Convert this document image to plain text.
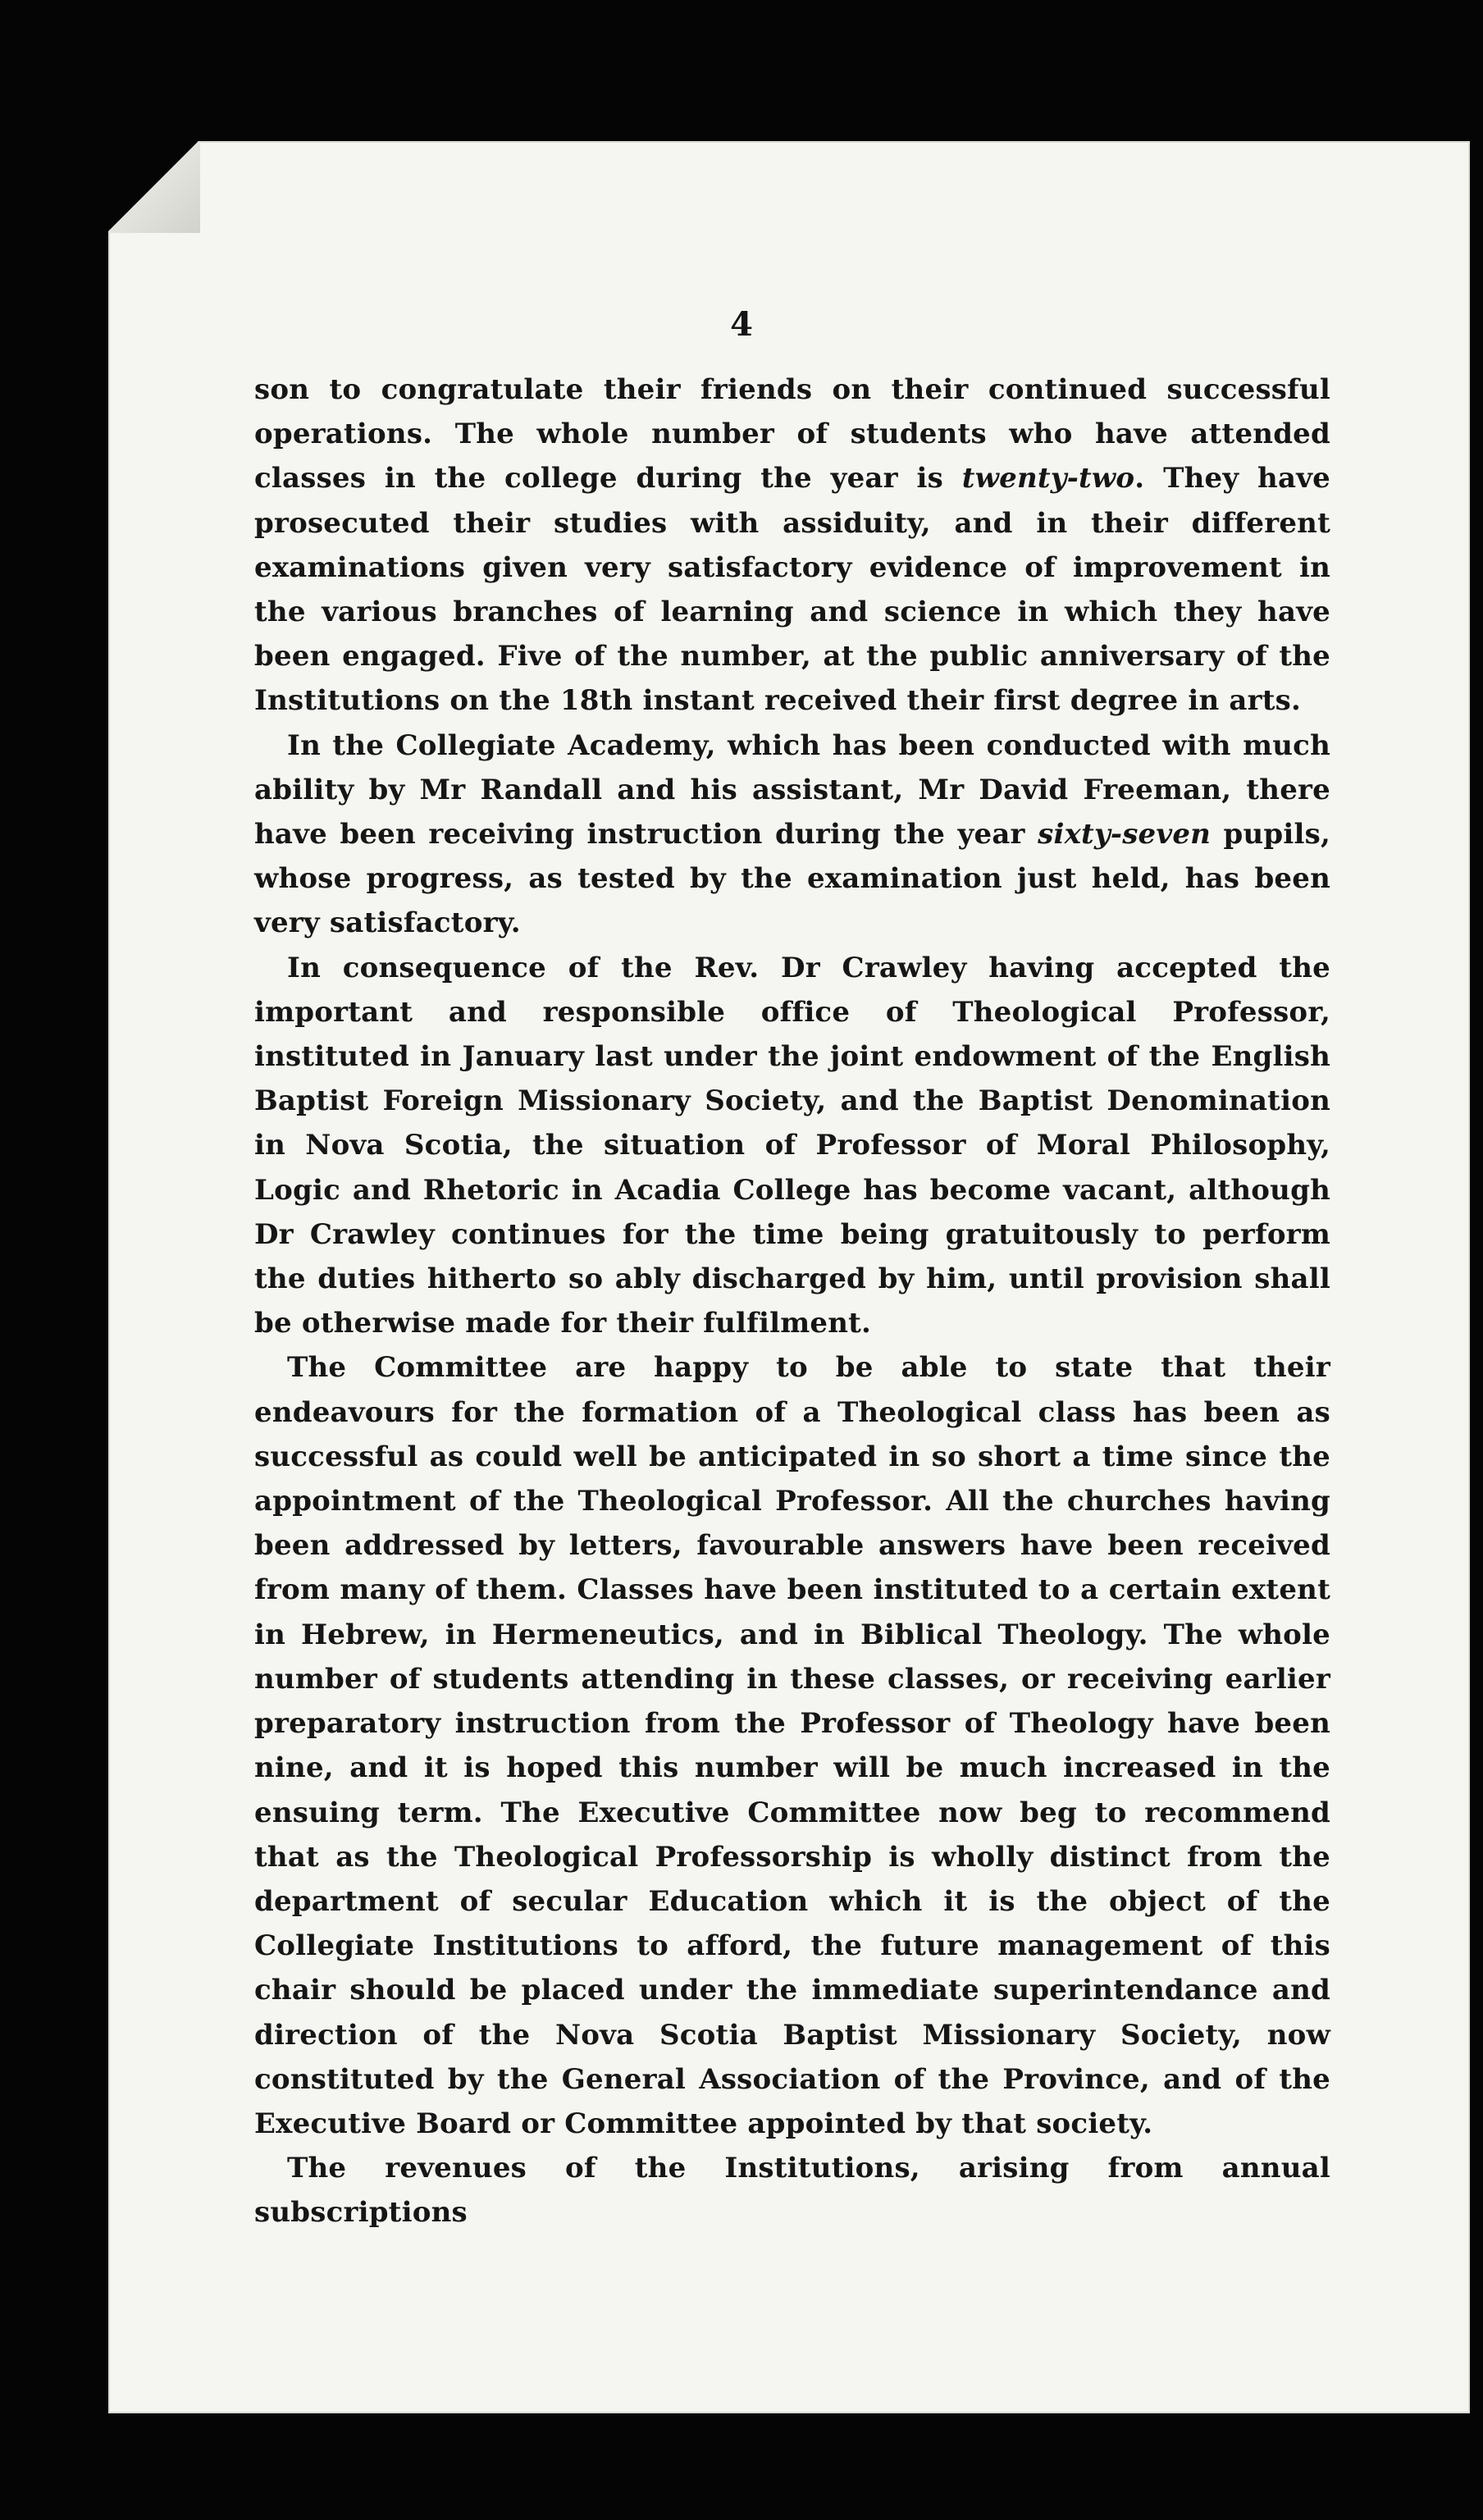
4

son to congratulate their friends on their continued successful operations. The whole number of students who have attended classes in the college during the year is twenty-two. They have prosecuted their studies with assiduity, and in their different examinations given very satisfactory evidence of improvement in the various branches of learning and science in which they have been engaged. Five of the number, at the public anniversary of the Institutions on the 18th instant received their first degree in arts.

In the Collegiate Academy, which has been conducted with much ability by Mr Randall and his assistant, Mr David Freeman, there have been receiving instruction during the year sixty-seven pupils, whose progress, as tested by the examination just held, has been very satisfactory.

In consequence of the Rev. Dr Crawley having accepted the important and responsible office of Theological Professor, instituted in January last under the joint endowment of the English Baptist Foreign Missionary Society, and the Baptist Denomination in Nova Scotia, the situation of Professor of Moral Philosophy, Logic and Rhetoric in Acadia College has become vacant, although Dr Crawley continues for the time being gratuitously to perform the duties hitherto so ably discharged by him, until provision shall be otherwise made for their fulfilment.

The Committee are happy to be able to state that their endeavours for the formation of a Theological class has been as successful as could well be anticipated in so short a time since the appointment of the Theological Professor. All the churches having been addressed by letters, favourable answers have been received from many of them. Classes have been instituted to a certain extent in Hebrew, in Hermeneutics, and in Biblical Theology. The whole number of students attending in these classes, or receiving earlier preparatory instruction from the Professor of Theology have been nine, and it is hoped this number will be much increased in the ensuing term. The Executive Committee now beg to recommend that as the Theological Professorship is wholly distinct from the department of secular Education which it is the object of the Collegiate Institutions to afford, the future management of this chair should be placed under the immediate superintendance and direction of the Nova Scotia Baptist Missionary Society, now constituted by the General Association of the Province, and of the Executive Board or Committee appointed by that society.

The revenues of the Institutions, arising from annual subscriptions
